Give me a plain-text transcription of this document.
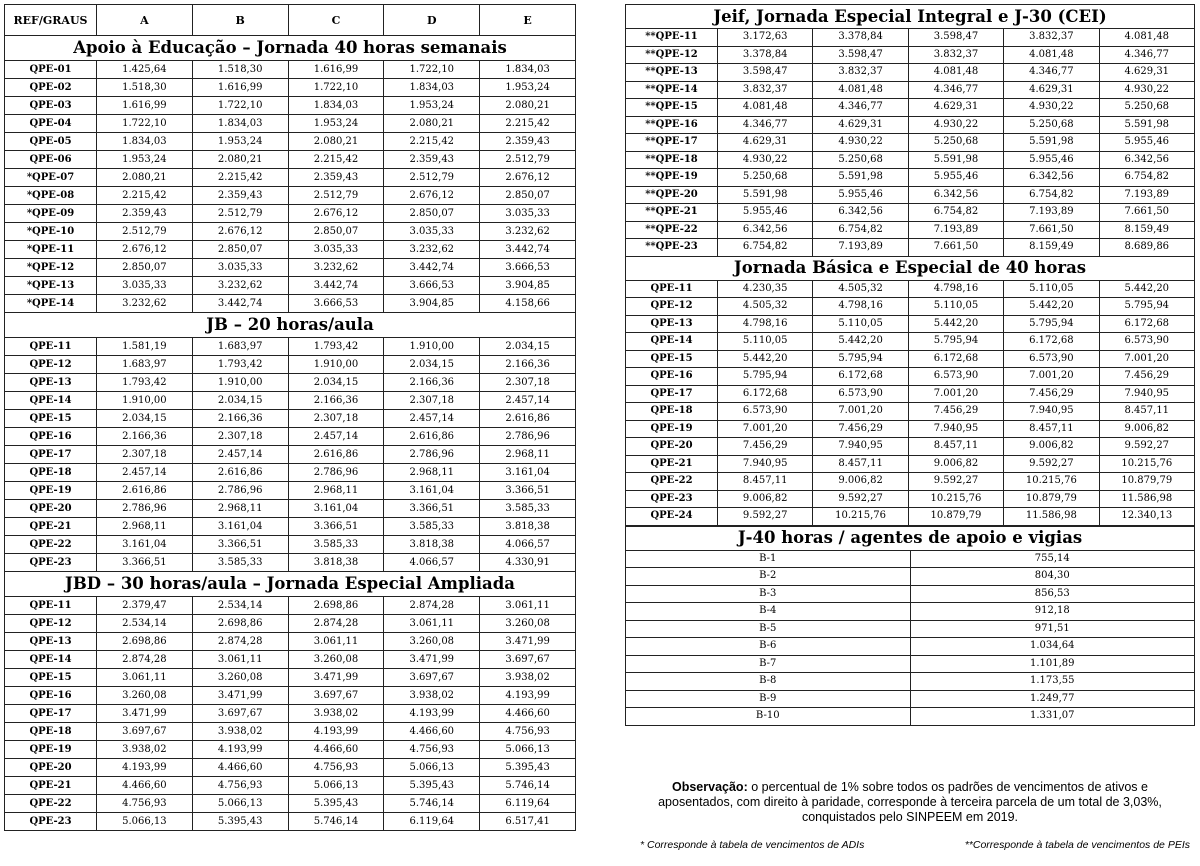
REF/GRAUS	A	B	C	D	E
Apoio à Educação – Jornada 40 horas semanais					
QPE-01	1.425,64	1.518,30	1.616,99	1.722,10	1.834,03
QPE-02	1.518,30	1.616,99	1.722,10	1.834,03	1.953,24
QPE-03	1.616,99	1.722,10	1.834,03	1.953,24	2.080,21
QPE-04	1.722,10	1.834,03	1.953,24	2.080,21	2.215,42
QPE-05	1.834,03	1.953,24	2.080,21	2.215,42	2.359,43
QPE-06	1.953,24	2.080,21	2.215,42	2.359,43	2.512,79
*QPE-07	2.080,21	2.215,42	2.359,43	2.512,79	2.676,12
*QPE-08	2.215,42	2.359,43	2.512,79	2.676,12	2.850,07
*QPE-09	2.359,43	2.512,79	2.676,12	2.850,07	3.035,33
*QPE-10	2.512,79	2.676,12	2.850,07	3.035,33	3.232,62
*QPE-11	2.676,12	2.850,07	3.035,33	3.232,62	3.442,74
*QPE-12	2.850,07	3.035,33	3.232,62	3.442,74	3.666,53
*QPE-13	3.035,33	3.232,62	3.442,74	3.666,53	3.904,85
*QPE-14	3.232,62	3.442,74	3.666,53	3.904,85	4.158,66
JB – 20 horas/aula					
QPE-11	1.581,19	1.683,97	1.793,42	1.910,00	2.034,15
QPE-12	1.683,97	1.793,42	1.910,00	2.034,15	2.166,36
QPE-13	1.793,42	1.910,00	2.034,15	2.166,36	2.307,18
QPE-14	1.910,00	2.034,15	2.166,36	2.307,18	2.457,14
QPE-15	2.034,15	2.166,36	2.307,18	2.457,14	2.616,86
QPE-16	2.166,36	2.307,18	2.457,14	2.616,86	2.786,96
QPE-17	2.307,18	2.457,14	2.616,86	2.786,96	2.968,11
QPE-18	2.457,14	2.616,86	2.786,96	2.968,11	3.161,04
QPE-19	2.616,86	2.786,96	2.968,11	3.161,04	3.366,51
QPE-20	2.786,96	2.968,11	3.161,04	3.366,51	3.585,33
QPE-21	2.968,11	3.161,04	3.366,51	3.585,33	3.818,38
QPE-22	3.161,04	3.366,51	3.585,33	3.818,38	4.066,57
QPE-23	3.366,51	3.585,33	3.818,38	4.066,57	4.330,91
JBD – 30 horas/aula – Jornada Especial Ampliada					
QPE-11	2.379,47	2.534,14	2.698,86	2.874,28	3.061,11
QPE-12	2.534,14	2.698,86	2.874,28	3.061,11	3.260,08
QPE-13	2.698,86	2.874,28	3.061,11	3.260,08	3.471,99
QPE-14	2.874,28	3.061,11	3.260,08	3.471,99	3.697,67
QPE-15	3.061,11	3.260,08	3.471,99	3.697,67	3.938,02
QPE-16	3.260,08	3.471,99	3.697,67	3.938,02	4.193,99
QPE-17	3.471,99	3.697,67	3.938,02	4.193,99	4.466,60
QPE-18	3.697,67	3.938,02	4.193,99	4.466,60	4.756,93
QPE-19	3.938,02	4.193,99	4.466,60	4.756,93	5.066,13
QPE-20	4.193,99	4.466,60	4.756,93	5.066,13	5.395,43
QPE-21	4.466,60	4.756,93	5.066,13	5.395,43	5.746,14
QPE-22	4.756,93	5.066,13	5.395,43	5.746,14	6.119,64
QPE-23	5.066,13	5.395,43	5.746,14	6.119,64	6.517,41
Jeif, Jornada Especial Integral e J-30 (CEI)					
**QPE-11	3.172,63	3.378,84	3.598,47	3.832,37	4.081,48
**QPE-12	3.378,84	3.598,47	3.832,37	4.081,48	4.346,77
**QPE-13	3.598,47	3.832,37	4.081,48	4.346,77	4.629,31
**QPE-14	3.832,37	4.081,48	4.346,77	4.629,31	4.930,22
**QPE-15	4.081,48	4.346,77	4.629,31	4.930,22	5.250,68
**QPE-16	4.346,77	4.629,31	4.930,22	5.250,68	5.591,98
**QPE-17	4.629,31	4.930,22	5.250,68	5.591,98	5.955,46
**QPE-18	4.930,22	5.250,68	5.591,98	5.955,46	6.342,56
**QPE-19	5.250,68	5.591,98	5.955,46	6.342,56	6.754,82
**QPE-20	5.591,98	5.955,46	6.342,56	6.754,82	7.193,89
**QPE-21	5.955,46	6.342,56	6.754,82	7.193,89	7.661,50
**QPE-22	6.342,56	6.754,82	7.193,89	7.661,50	8.159,49
**QPE-23	6.754,82	7.193,89	7.661,50	8.159,49	8.689,86
Jornada Básica e Especial de 40 horas					
QPE-11	4.230,35	4.505,32	4.798,16	5.110,05	5.442,20
QPE-12	4.505,32	4.798,16	5.110,05	5.442,20	5.795,94
QPE-13	4.798,16	5.110,05	5.442,20	5.795,94	6.172,68
QPE-14	5.110,05	5.442,20	5.795,94	6.172,68	6.573,90
QPE-15	5.442,20	5.795,94	6.172,68	6.573,90	7.001,20
QPE-16	5.795,94	6.172,68	6.573,90	7.001,20	7.456,29
QPE-17	6.172,68	6.573,90	7.001,20	7.456,29	7.940,95
QPE-18	6.573,90	7.001,20	7.456,29	7.940,95	8.457,11
QPE-19	7.001,20	7.456,29	7.940,95	8.457,11	9.006,82
QPE-20	7.456,29	7.940,95	8.457,11	9.006,82	9.592,27
QPE-21	7.940,95	8.457,11	9.006,82	9.592,27	10.215,76
QPE-22	8.457,11	9.006,82	9.592,27	10.215,76	10.879,79
QPE-23	9.006,82	9.592,27	10.215,76	10.879,79	11.586,98
QPE-24	9.592,27	10.215,76	10.879,79	11.586,98	12.340,13
J-40 horas / agentes de apoio e vigias	
B-1	755,14
B-2	804,30
B-3	856,53
B-4	912,18
B-5	971,51
B-6	1.034,64
B-7	1.101,89
B-8	1.173,55
B-9	1.249,77
B-10	1.331,07
Observação: o percentual de 1% sobre todos os padrões de vencimentos de ativos e aposentados, com direito à paridade, corresponde à terceira parcela de um total de 3,03%, conquistados pelo SINPEEM em 2019.
* Corresponde à tabela de vencimentos de ADIs	**Corresponde à tabela de vencimentos de PEIs
